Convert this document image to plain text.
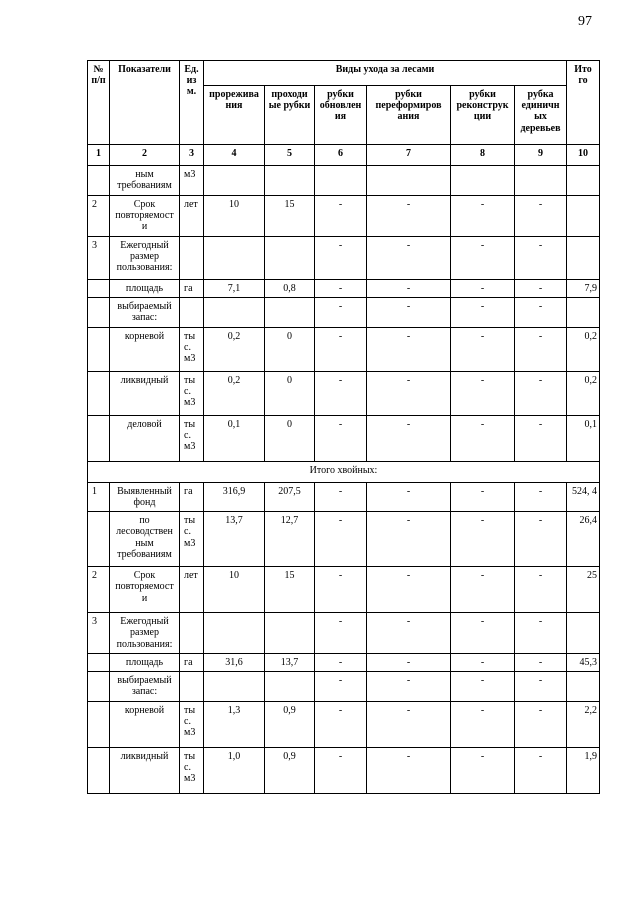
97
№ п/п	Показатели	Ед. из м.	Виды ухода за лесами						Ито го
			прорежива ния	проходи ые рубки	рубки обновлен ия	рубки переформиров ания	рубки реконструк ции	рубка единичн ых деревьев	
1	2	3	4	5	6	7	8	9	10
	ным требованиям	м3							
2	Срок повторяемост и	лет	10	15	-	-	-	-	
3	Ежегодный размер пользования:				-	-	-	-	
	площадь	га	7,1	0,8	-	-	-	-	7,9
	выбираемый запас:				-	-	-	-	
	корневой	ты с. м3	0,2	0	-	-	-	-	0,2
	ликвидный	ты с. м3	0,2	0	-	-	-	-	0,2
	деловой	ты с. м3	0,1	0	-	-	-	-	0,1
Итого хвойных:									
1	Выявленный фонд	га	316,9	207,5	-	-	-	-	524, 4
	по лесоводствен ным требованиям	ты с. м3	13,7	12,7	-	-	-	-	26,4
2	Срок повторяемост и	лет	10	15	-	-	-	-	25
3	Ежегодный размер пользования:				-	-	-	-	
	площадь	га	31,6	13,7	-	-	-	-	45,3
	выбираемый запас:				-	-	-	-	
	корневой	ты с. м3	1,3	0,9	-	-	-	-	2,2
	ликвидный	ты с. м3	1,0	0,9	-	-	-	-	1,9
